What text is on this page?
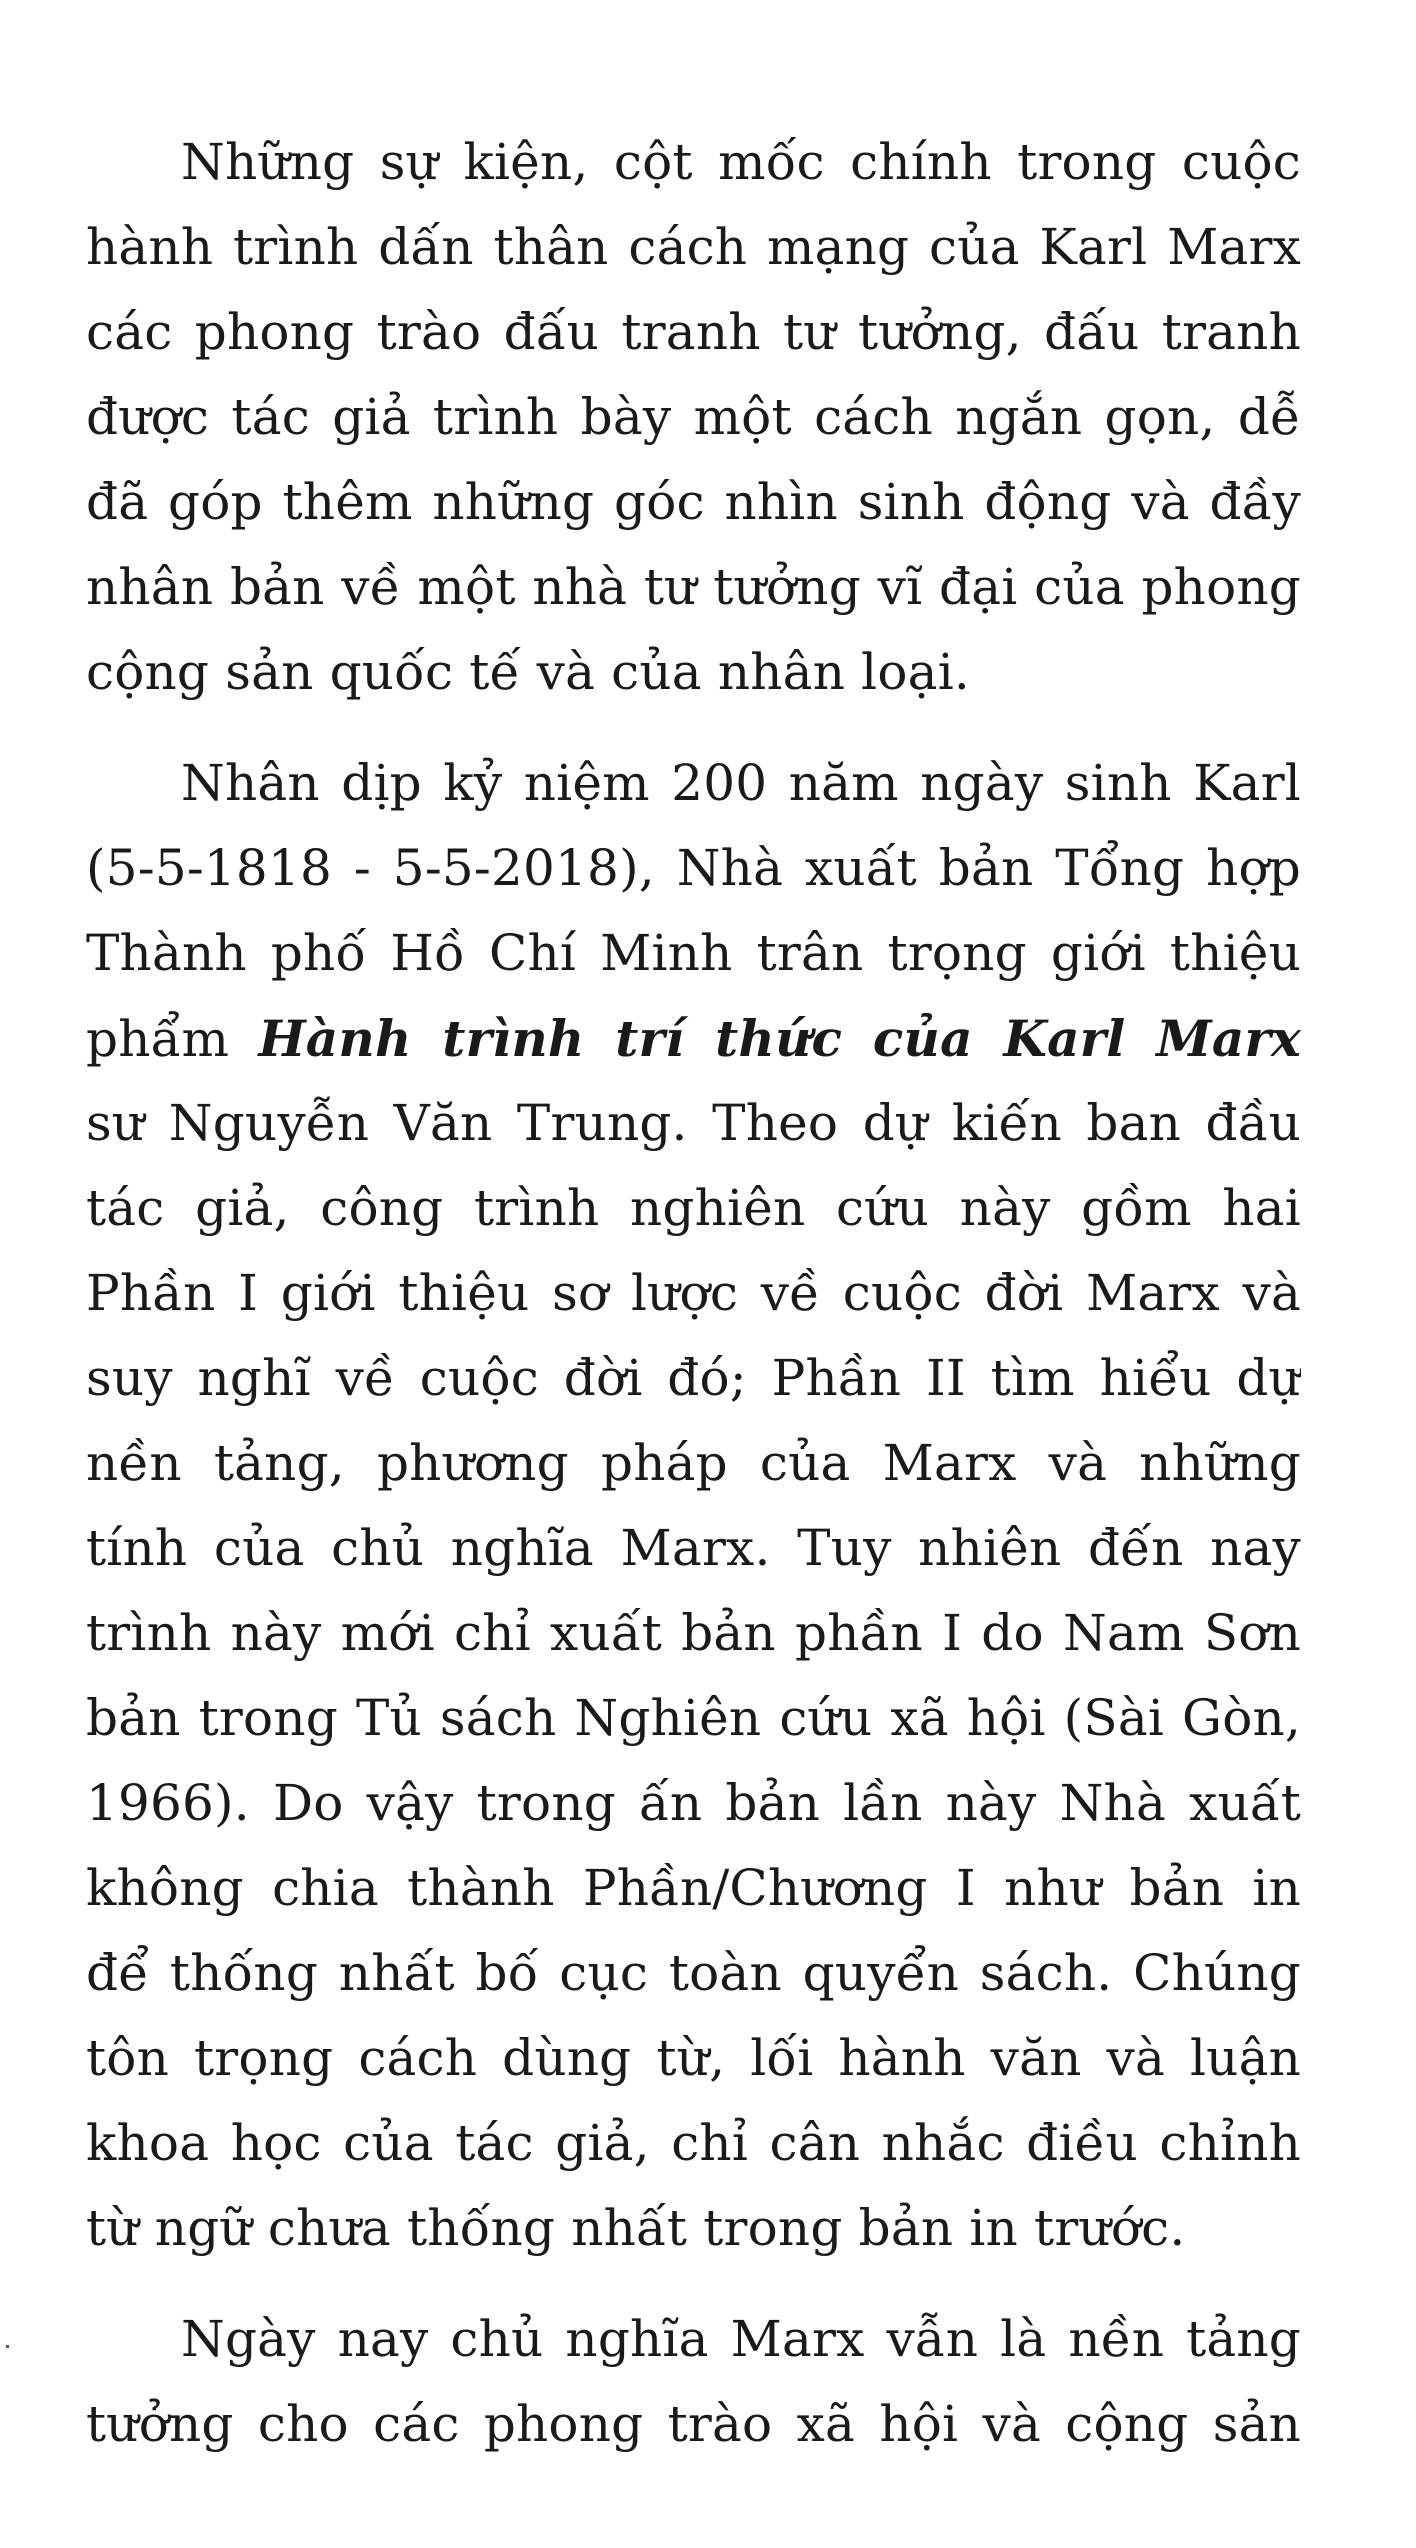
Những sự kiện, cột mốc chính trong cuộc
hành trình dấn thân cách mạng của Karl Marx
các phong trào đấu tranh tư tưởng, đấu tranh
được tác giả trình bày một cách ngắn gọn, dễ
đã góp thêm những góc nhìn sinh động và đầy
nhân bản về một nhà tư tưởng vĩ đại của phong
cộng sản quốc tế và của nhân loại.
Nhân dịp kỷ niệm 200 năm ngày sinh Karl
(5-5-1818 - 5-5-2018), Nhà xuất bản Tổng hợp
Thành phố Hồ Chí Minh trân trọng giới thiệu
phẩm Hành trình trí thức của Karl Marx
sư Nguyễn Văn Trung. Theo dự kiến ban đầu
tác giả, công trình nghiên cứu này gồm hai
Phần I giới thiệu sơ lược về cuộc đời Marx và
suy nghĩ về cuộc đời đó; Phần II tìm hiểu dự
nền tảng, phương pháp của Marx và những
tính của chủ nghĩa Marx. Tuy nhiên đến nay
trình này mới chỉ xuất bản phần I do Nam Sơn
bản trong Tủ sách Nghiên cứu xã hội (Sài Gòn,
1966). Do vậy trong ấn bản lần này Nhà xuất
không chia thành Phần/Chương I như bản in
để thống nhất bố cục toàn quyển sách. Chúng
tôn trọng cách dùng từ, lối hành văn và luận
khoa học của tác giả, chỉ cân nhắc điều chỉnh
từ ngữ chưa thống nhất trong bản in trước.
Ngày nay chủ nghĩa Marx vẫn là nền tảng
tưởng cho các phong trào xã hội và cộng sản
